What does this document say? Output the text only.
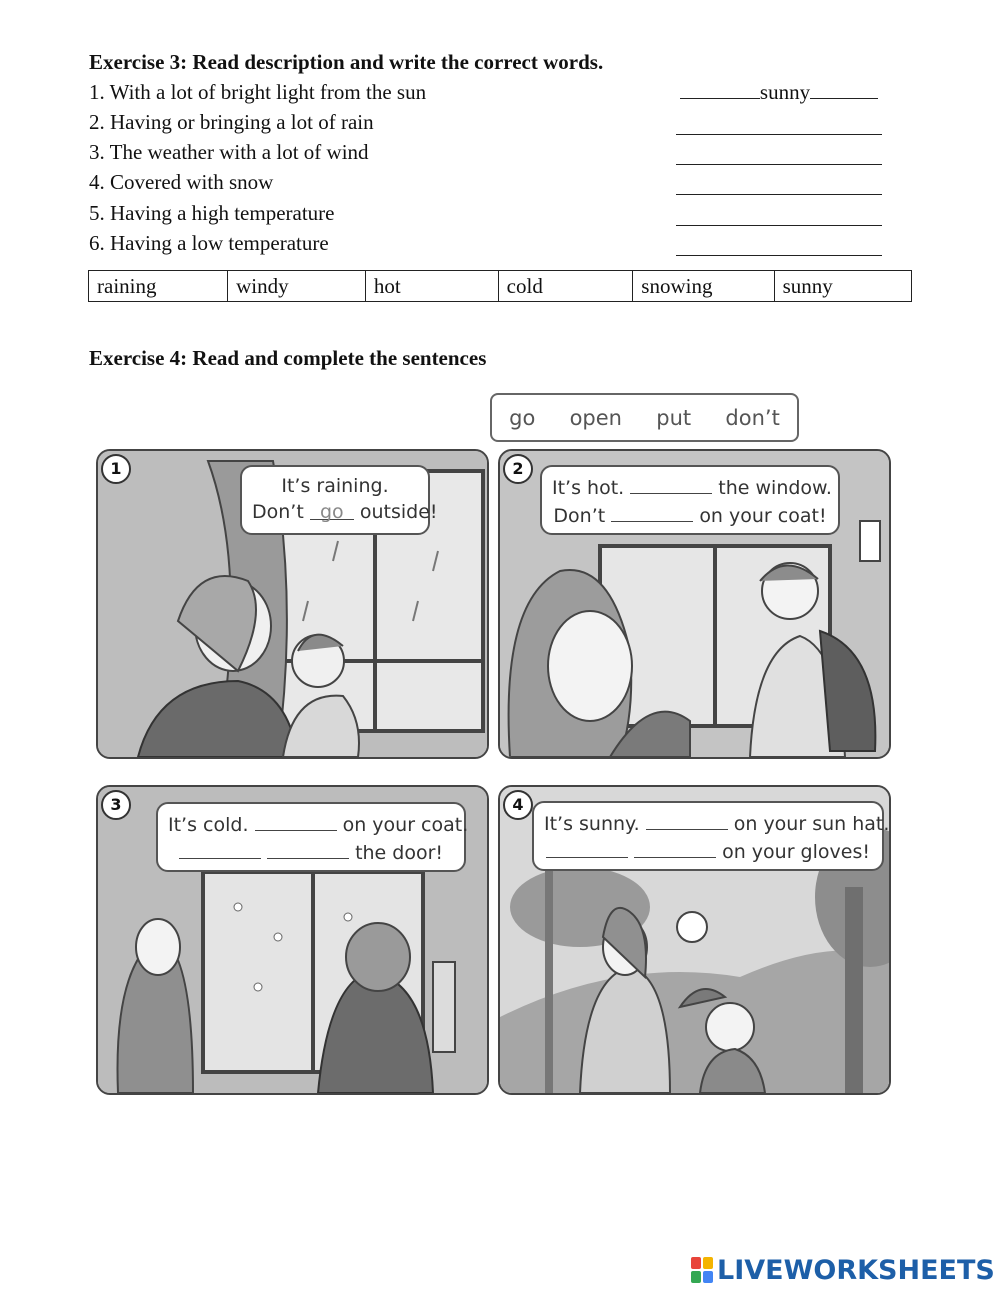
Exercise 3: Read description and write the correct words.
1. With a lot of bright light from the sun	sunny
2. Having or bringing a lot of rain
3. The weather with a lot of wind
4. Covered with snow
5. Having a high temperature
6. Having a low temperature
raining	windy	hot	cold	snowing	sunny
Exercise 4: Read and complete the sentences
go open put don’t
1
It’s raining.
Don’t go outside!
2
It’s hot.	the window.
Don’t	on your coat!
3
It’s cold.	on your coat.
the door!
4
It’s sunny.	on your sun hat.
on your gloves!
LIVEWORKSHEETS
